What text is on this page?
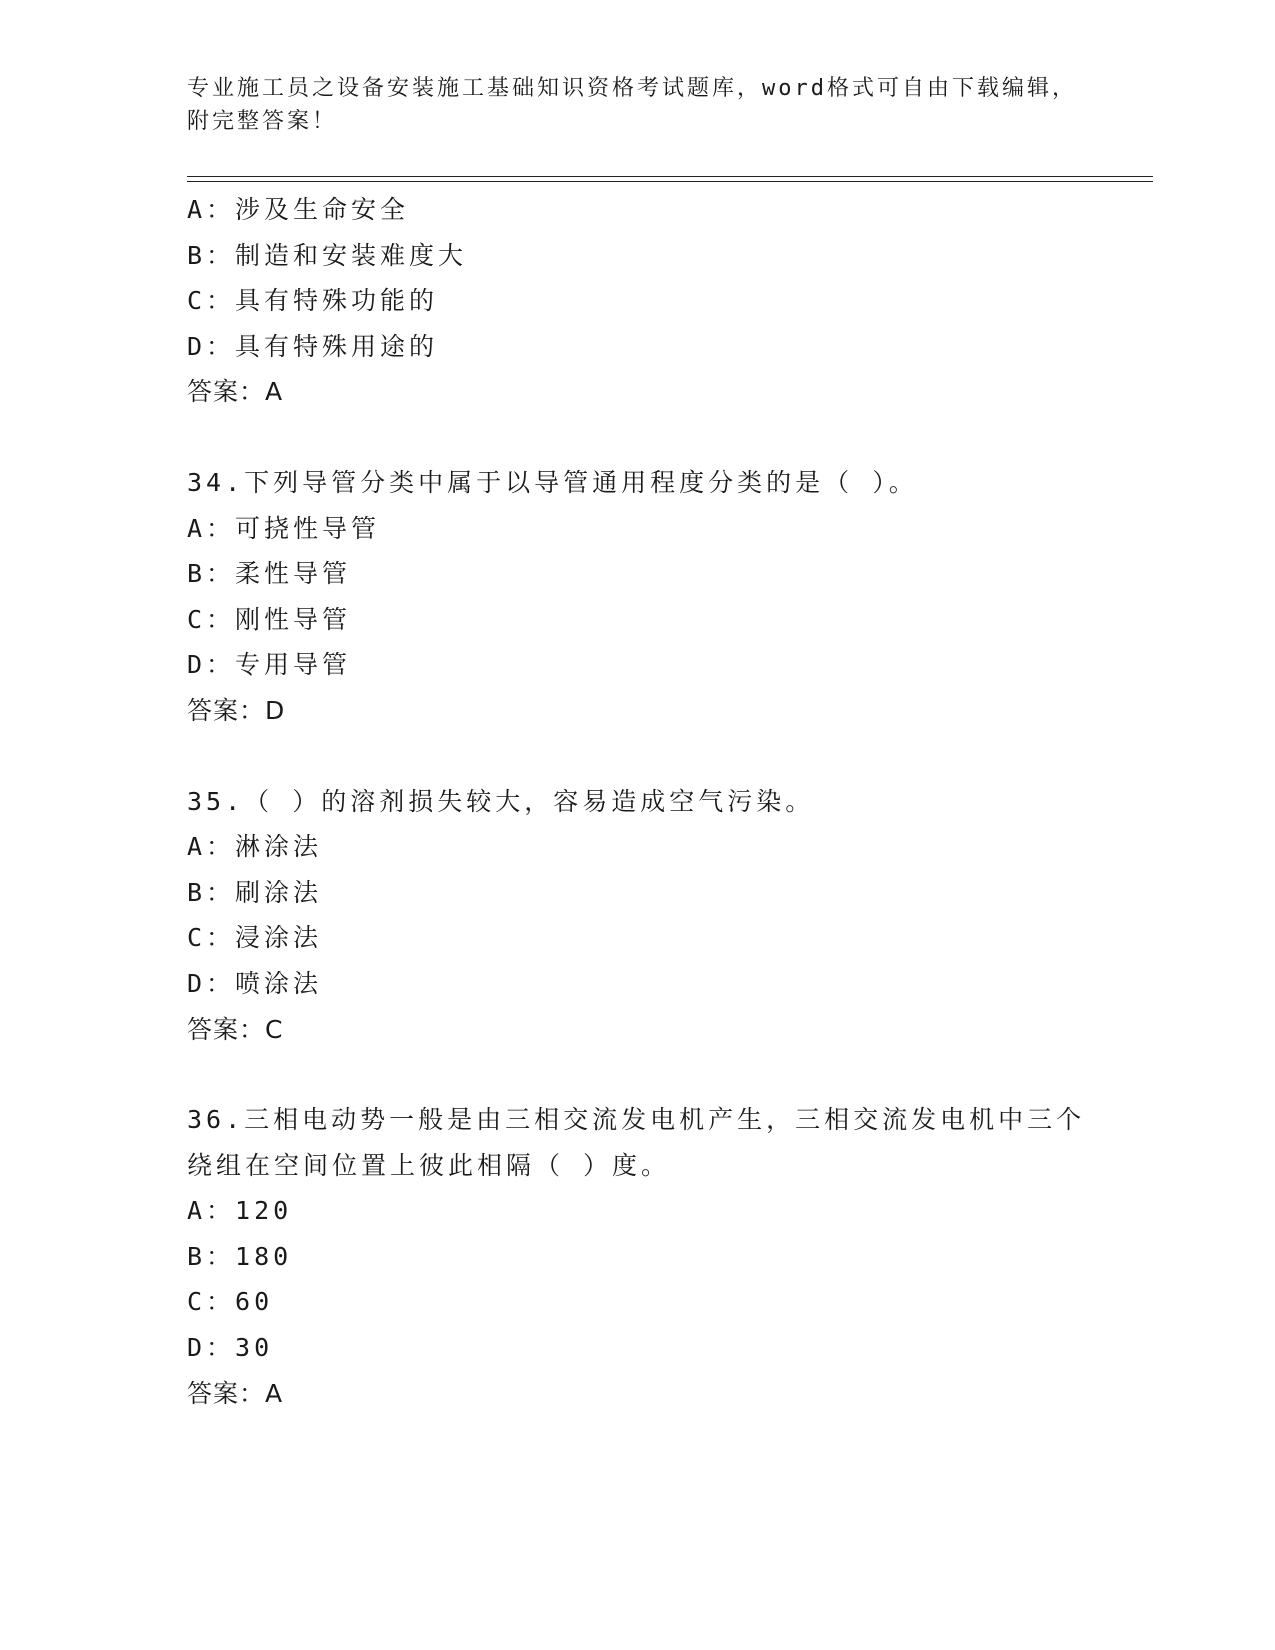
专业施工员之设备安装施工基础知识资格考试题库，word格式可自由下载编辑，
附完整答案！
A：涉及生命安全
B：制造和安装难度大
C：具有特殊功能的
D：具有特殊用途的
答案：A
34.下列导管分类中属于以导管通用程度分类的是（ ）。
A：可挠性导管
B：柔性导管
C：刚性导管
D：专用导管
答案：D
35.（ ）的溶剂损失较大，容易造成空气污染。
A：淋涂法
B：刷涂法
C：浸涂法
D：喷涂法
答案：C
36.三相电动势一般是由三相交流发电机产生，三相交流发电机中三个
绕组在空间位置上彼此相隔（ ）度。
A：120
B：180
C：60
D：30
答案：A
